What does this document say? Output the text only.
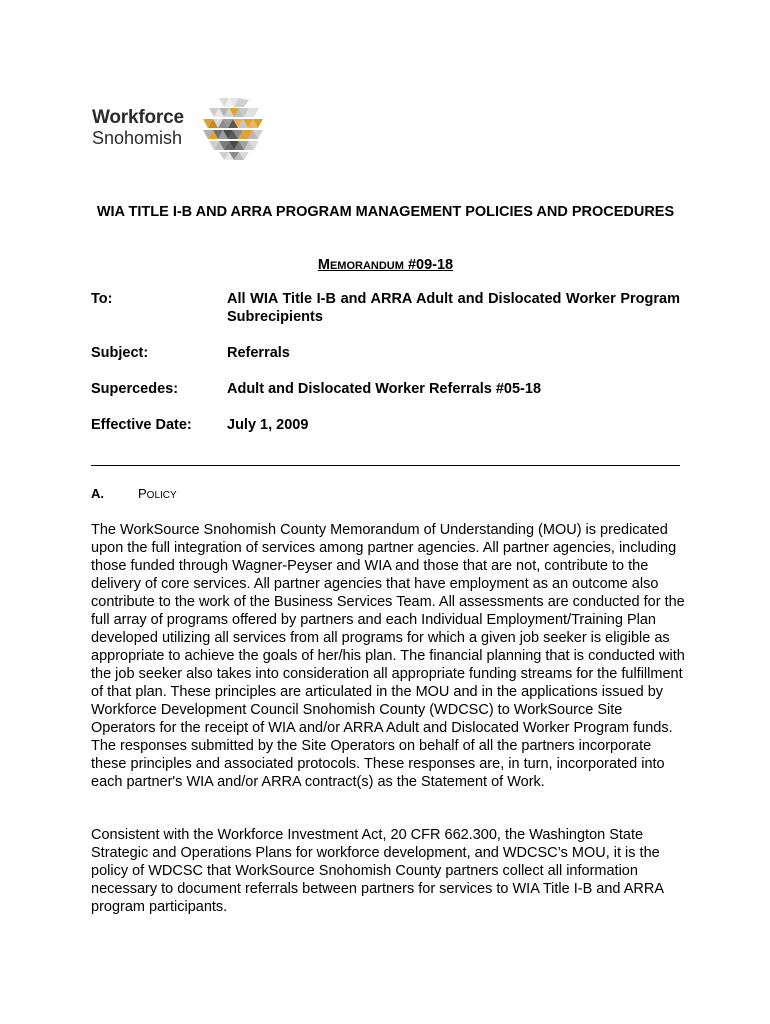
Workforce
Snohomish
WIA TITLE I-B AND ARRA PROGRAM MANAGEMENT POLICIES AND PROCEDURES
MEMORANDUM #09-18
To:	All WIA Title I-B and ARRA Adult and Dislocated Worker Program Subrecipients
Subject:	Referrals
Supercedes:	Adult and Dislocated Worker Referrals #05-18
Effective Date: July 1, 2009
A.	POLICY

The WorkSource Snohomish County Memorandum of Understanding (MOU) is predicated upon the full integration of services among partner agencies. All partner agencies, including those funded through Wagner-Peyser and WIA and those that are not, contribute to the delivery of core services. All partner agencies that have employment as an outcome also contribute to the work of the Business Services Team. All assessments are conducted for the full array of programs offered by partners and each Individual Employment/Training Plan developed utilizing all services from all programs for which a given job seeker is eligible as appropriate to achieve the goals of her/his plan. The financial planning that is conducted with the job seeker also takes into consideration all appropriate funding streams for the fulfillment of that plan. These principles are articulated in the MOU and in the applications issued by Workforce Development Council Snohomish County (WDCSC) to WorkSource Site Operators for the receipt of WIA and/or ARRA Adult and Dislocated Worker Program funds. The responses submitted by the Site Operators on behalf of all the partners incorporate these principles and associated protocols. These responses are, in turn, incorporated into each partner's WIA and/or ARRA contract(s) as the Statement of Work.

Consistent with the Workforce Investment Act, 20 CFR 662.300, the Washington State Strategic and Operations Plans for workforce development, and WDCSC’s MOU, it is the policy of WDCSC that WorkSource Snohomish County partners collect all information necessary to document referrals between partners for services to WIA Title I-B and ARRA program participants.
